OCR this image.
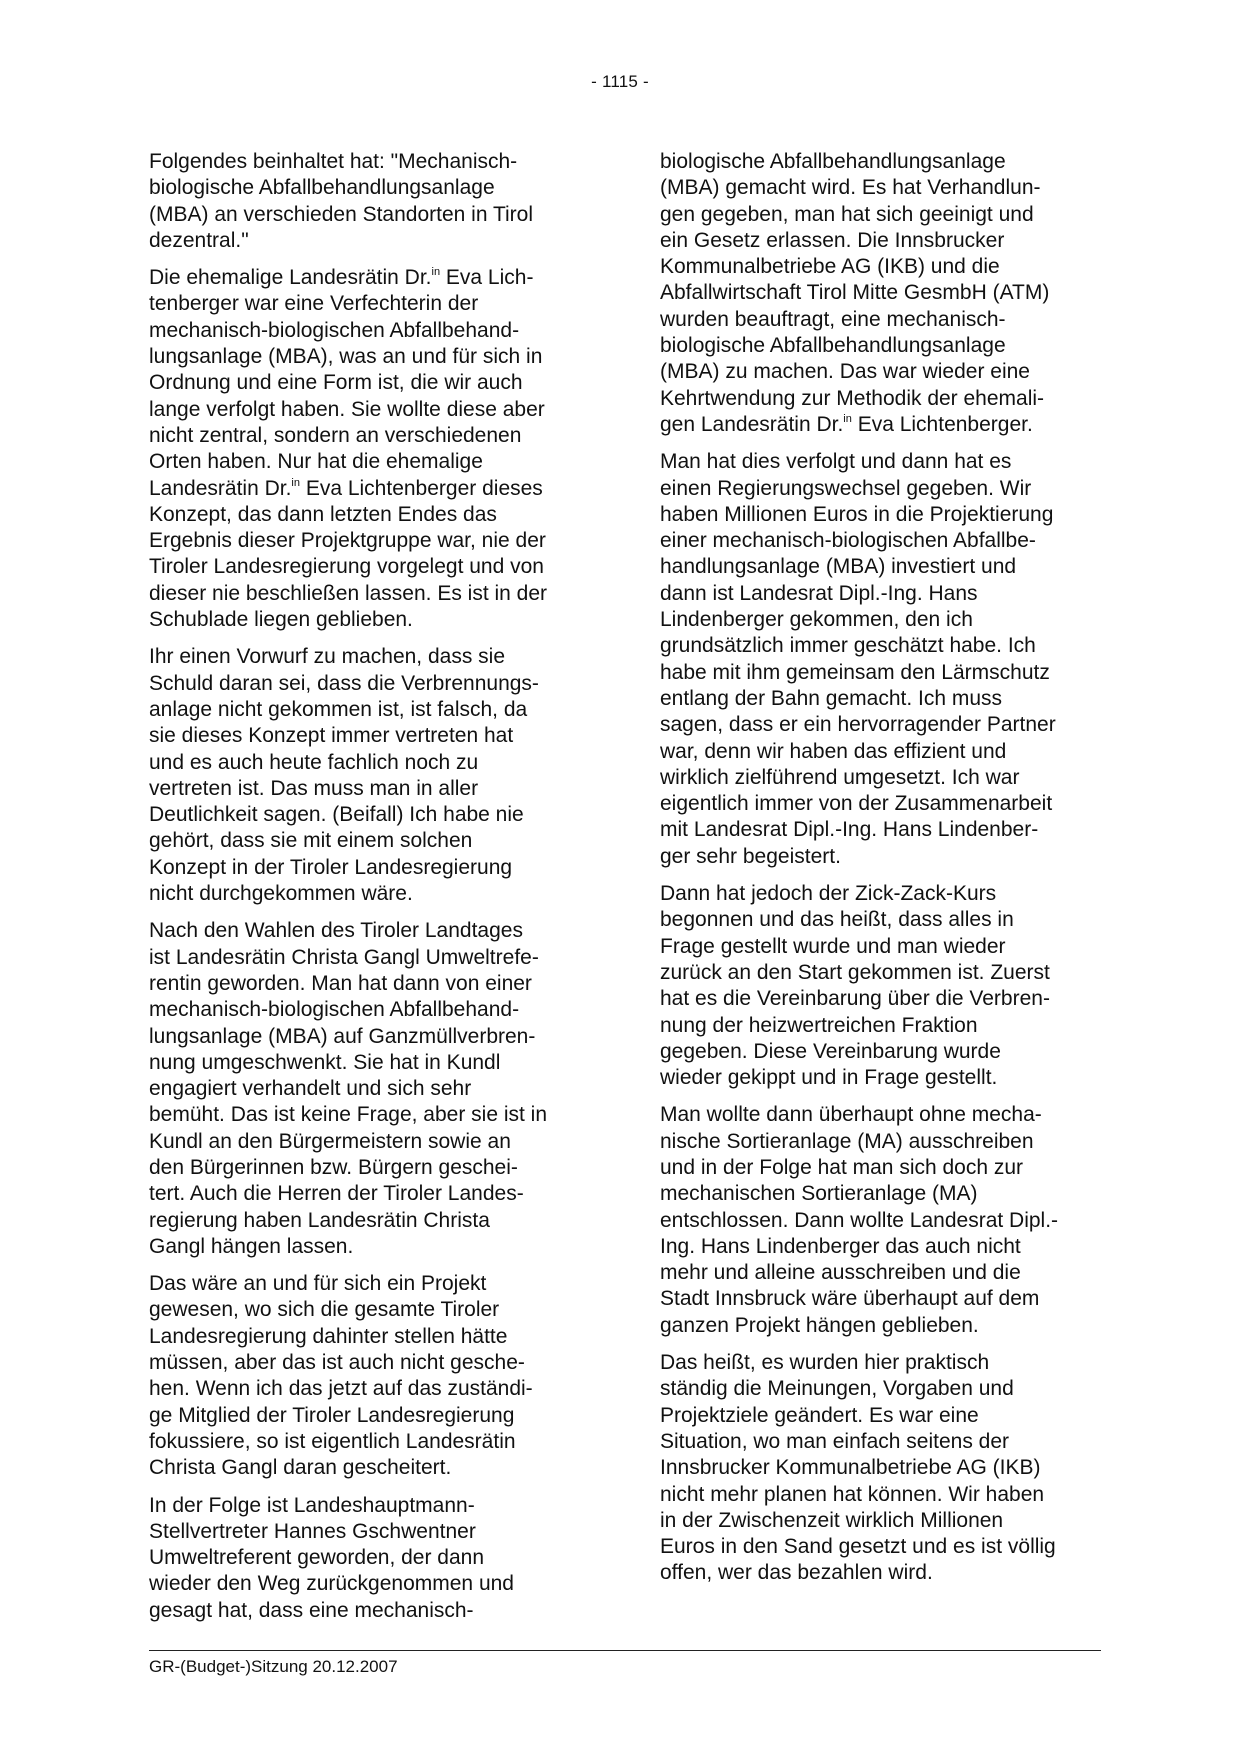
- 1115 -

Folgendes beinhaltet hat: "Mechanisch-
biologische Abfallbehandlungsanlage
(MBA) an verschieden Standorten in Tirol
dezentral."

Die ehemalige Landesrätin Dr.$^{in}$ Eva Lich-
tenberger war eine Verfechterin der
mechanisch-biologischen Abfallbehand-
lungsanlage (MBA), was an und für sich in
Ordnung und eine Form ist, die wir auch
lange verfolgt haben. Sie wollte diese aber
nicht zentral, sondern an verschiedenen
Orten haben. Nur hat die ehemalige
Landesrätin Dr.$^{in}$ Eva Lichtenberger dieses
Konzept, das dann letzten Endes das
Ergebnis dieser Projektgruppe war, nie der
Tiroler Landesregierung vorgelegt und von
dieser nie beschließen lassen. Es ist in der
Schublade liegen geblieben.

Ihr einen Vorwurf zu machen, dass sie
Schuld daran sei, dass die Verbrennungs-
anlage nicht gekommen ist, ist falsch, da
sie dieses Konzept immer vertreten hat
und es auch heute fachlich noch zu
vertreten ist. Das muss man in aller
Deutlichkeit sagen. (Beifall) Ich habe nie
gehört, dass sie mit einem solchen
Konzept in der Tiroler Landesregierung
nicht durchgekommen wäre.

Nach den Wahlen des Tiroler Landtages
ist Landesrätin Christa Gangl Umweltrefe-
rentin geworden. Man hat dann von einer
mechanisch-biologischen Abfallbehand-
lungsanlage (MBA) auf Ganzmüllverbren-
nung umgeschwenkt. Sie hat in Kundl
engagiert verhandelt und sich sehr
bemüht. Das ist keine Frage, aber sie ist in
Kundl an den Bürgermeistern sowie an
den Bürgerinnen bzw. Bürgern geschei-
tert. Auch die Herren der Tiroler Landes-
regierung haben Landesrätin Christa
Gangl hängen lassen.

Das wäre an und für sich ein Projekt
gewesen, wo sich die gesamte Tiroler
Landesregierung dahinter stellen hätte
müssen, aber das ist auch nicht gesche-
hen. Wenn ich das jetzt auf das zuständi-
ge Mitglied der Tiroler Landesregierung
fokussiere, so ist eigentlich Landesrätin
Christa Gangl daran gescheitert.

In der Folge ist Landeshauptmann-
Stellvertreter Hannes Gschwentner
Umweltreferent geworden, der dann
wieder den Weg zurückgenommen und
gesagt hat, dass eine mechanisch-

biologische Abfallbehandlungsanlage
(MBA) gemacht wird. Es hat Verhandlun-
gen gegeben, man hat sich geeinigt und
ein Gesetz erlassen. Die Innsbrucker
Kommunalbetriebe AG (IKB) und die
Abfallwirtschaft Tirol Mitte GesmbH (ATM)
wurden beauftragt, eine mechanisch-
biologische Abfallbehandlungsanlage
(MBA) zu machen. Das war wieder eine
Kehrtwendung zur Methodik der ehemali-
gen Landesrätin Dr.$^{in}$ Eva Lichtenberger.

Man hat dies verfolgt und dann hat es
einen Regierungswechsel gegeben. Wir
haben Millionen Euros in die Projektierung
einer mechanisch-biologischen Abfallbe-
handlungsanlage (MBA) investiert und
dann ist Landesrat Dipl.-Ing. Hans
Lindenberger gekommen, den ich
grundsätzlich immer geschätzt habe. Ich
habe mit ihm gemeinsam den Lärmschutz
entlang der Bahn gemacht. Ich muss
sagen, dass er ein hervorragender Partner
war, denn wir haben das effizient und
wirklich zielführend umgesetzt. Ich war
eigentlich immer von der Zusammenarbeit
mit Landesrat Dipl.-Ing. Hans Lindenber-
ger sehr begeistert.

Dann hat jedoch der Zick-Zack-Kurs
begonnen und das heißt, dass alles in
Frage gestellt wurde und man wieder
zurück an den Start gekommen ist. Zuerst
hat es die Vereinbarung über die Verbren-
nung der heizwertreichen Fraktion
gegeben. Diese Vereinbarung wurde
wieder gekippt und in Frage gestellt.

Man wollte dann überhaupt ohne mecha-
nische Sortieranlage (MA) ausschreiben
und in der Folge hat man sich doch zur
mechanischen Sortieranlage (MA)
entschlossen. Dann wollte Landesrat Dipl.-
Ing. Hans Lindenberger das auch nicht
mehr und alleine ausschreiben und die
Stadt Innsbruck wäre überhaupt auf dem
ganzen Projekt hängen geblieben.

Das heißt, es wurden hier praktisch
ständig die Meinungen, Vorgaben und
Projektziele geändert. Es war eine
Situation, wo man einfach seitens der
Innsbrucker Kommunalbetriebe AG (IKB)
nicht mehr planen hat können. Wir haben
in der Zwischenzeit wirklich Millionen
Euros in den Sand gesetzt und es ist völlig
offen, wer das bezahlen wird.

GR-(Budget-)Sitzung 20.12.2007
